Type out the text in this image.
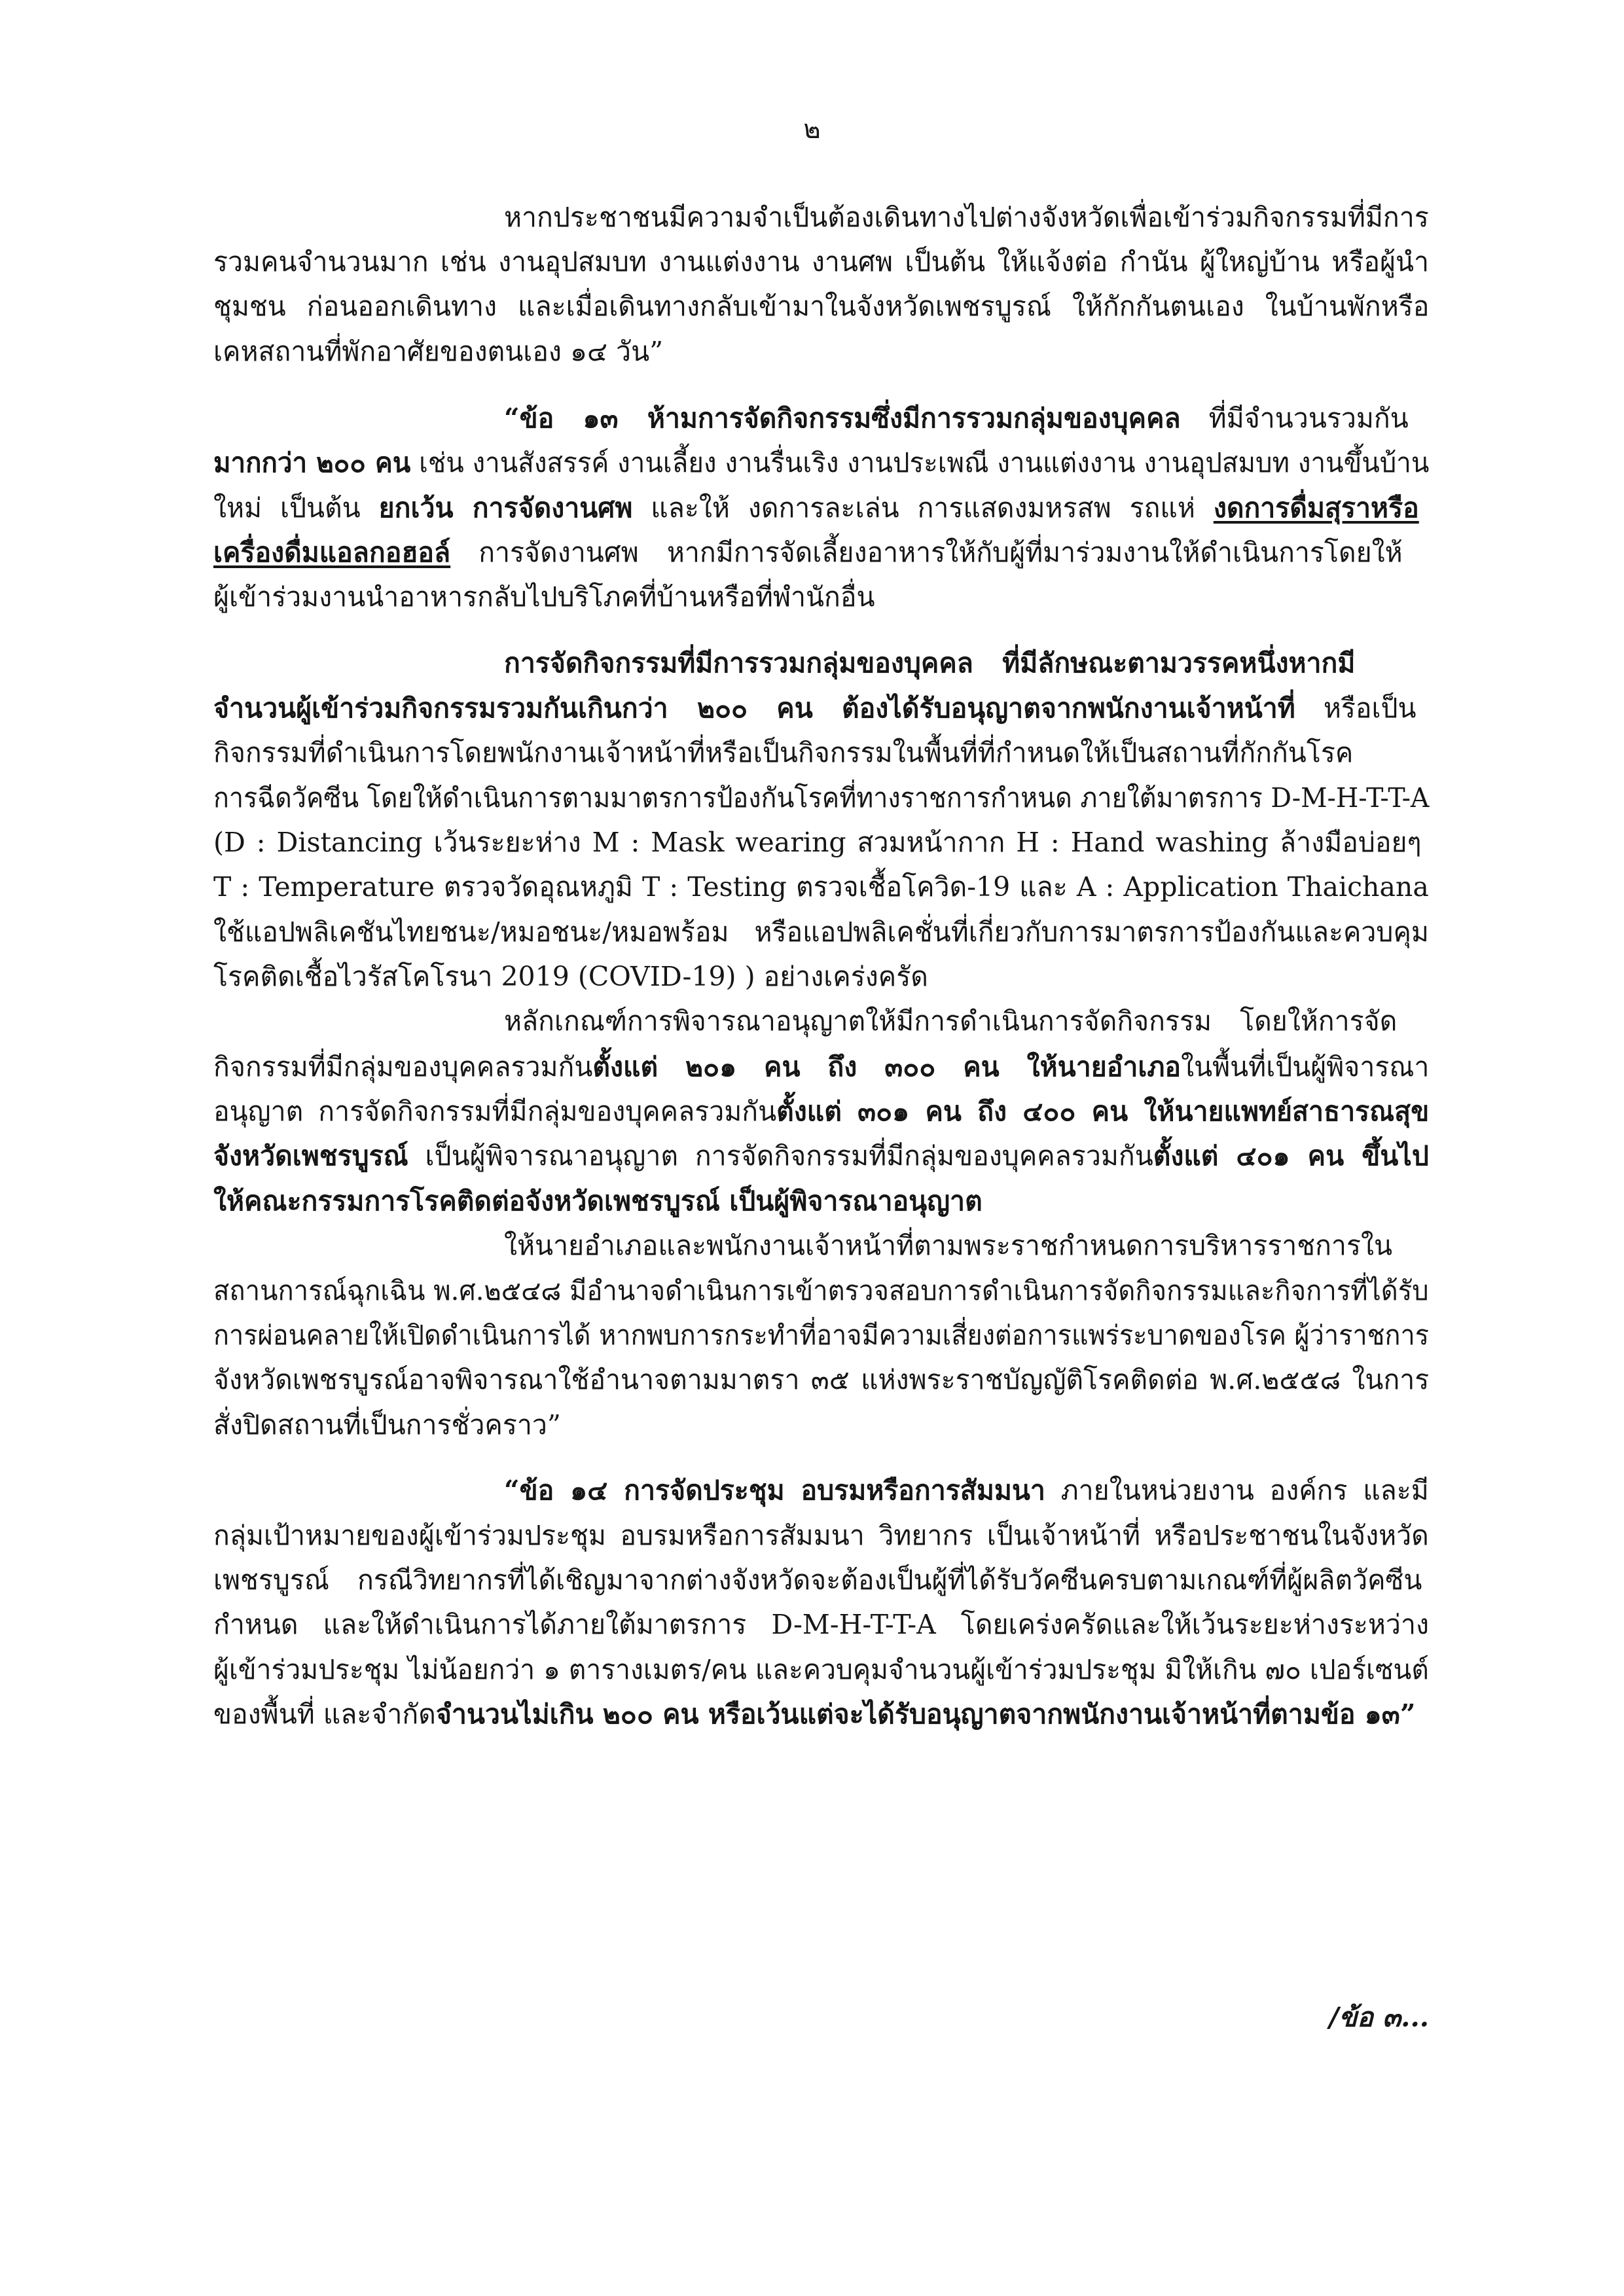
๒
หากประชาชนมีความจำเป็นต้องเดินทางไปต่างจังหวัดเพื่อเข้าร่วมกิจกรรมที่มีการ
รวมคนจำนวนมาก เช่น งานอุปสมบท งานแต่งงาน งานศพ เป็นต้น ให้แจ้งต่อ กำนัน ผู้ใหญ่บ้าน หรือผู้นำ
ชุมชน ก่อนออกเดินทาง และเมื่อเดินทางกลับเข้ามาในจังหวัดเพชรบูรณ์ ให้กักกันตนเอง ในบ้านพักหรือ
เคหสถานที่พักอาศัยของตนเอง ๑๔ วัน”
“ข้อ ๑๓ ห้ามการจัดกิจกรรมซึ่งมีการรวมกลุ่มของบุคคล ที่มีจำนวนรวมกัน
มากกว่า ๒๐๐ คน เช่น งานสังสรรค์ งานเลี้ยง งานรื่นเริง งานประเพณี งานแต่งงาน งานอุปสมบท งานขึ้นบ้าน
ใหม่ เป็นต้น ยกเว้น การจัดงานศพ และให้ งดการละเล่น การแสดงมหรสพ รถแห่ งดการดื่มสุราหรือ
เครื่องดื่มแอลกอฮอล์ การจัดงานศพ หากมีการจัดเลี้ยงอาหารให้กับผู้ที่มาร่วมงานให้ดำเนินการโดยให้
ผู้เข้าร่วมงานนำอาหารกลับไปบริโภคที่บ้านหรือที่พำนักอื่น
การจัดกิจกรรมที่มีการรวมกลุ่มของบุคคล ที่มีลักษณะตามวรรคหนึ่งหากมี
จำนวนผู้เข้าร่วมกิจกรรมรวมกันเกินกว่า ๒๐๐ คน ต้องได้รับอนุญาตจากพนักงานเจ้าหน้าที่ หรือเป็น
กิจกรรมที่ดำเนินการโดยพนักงานเจ้าหน้าที่หรือเป็นกิจกรรมในพื้นที่ที่กำหนดให้เป็นสถานที่กักกันโรค
การฉีดวัคซีน โดยให้ดำเนินการตามมาตรการป้องกันโรคที่ทางราชการกำหนด ภายใต้มาตรการ D-M-H-T-T-A
(D : Distancing เว้นระยะห่าง M : Mask wearing สวมหน้ากาก H : Hand washing ล้างมือบ่อยๆ
T : Temperature ตรวจวัดอุณหภูมิ T : Testing ตรวจเชื้อโควิด-19 และ A : Application Thaichana
ใช้แอปพลิเคชันไทยชนะ/หมอชนะ/หมอพร้อม หรือแอปพลิเคชั่นที่เกี่ยวกับการมาตรการป้องกันและควบคุม
โรคติดเชื้อไวรัสโคโรนา 2019 (COVID-19) ) อย่างเคร่งครัด
หลักเกณฑ์การพิจารณาอนุญาตให้มีการดำเนินการจัดกิจกรรม โดยให้การจัด
กิจกรรมที่มีกลุ่มของบุคคลรวมกันตั้งแต่ ๒๐๑ คน ถึง ๓๐๐ คน ให้นายอำเภอในพื้นที่เป็นผู้พิจารณา
อนุญาต การจัดกิจกรรมที่มีกลุ่มของบุคคลรวมกันตั้งแต่ ๓๐๑ คน ถึง ๔๐๐ คน ให้นายแพทย์สาธารณสุข
จังหวัดเพชรบูรณ์ เป็นผู้พิจารณาอนุญาต การจัดกิจกรรมที่มีกลุ่มของบุคคลรวมกันตั้งแต่ ๔๐๑ คน ขึ้นไป
ให้คณะกรรมการโรคติดต่อจังหวัดเพชรบูรณ์ เป็นผู้พิจารณาอนุญาต
ให้นายอำเภอและพนักงานเจ้าหน้าที่ตามพระราชกำหนดการบริหารราชการใน
สถานการณ์ฉุกเฉิน พ.ศ.๒๕๔๘ มีอำนาจดำเนินการเข้าตรวจสอบการดำเนินการจัดกิจกรรมและกิจการที่ได้รับ
การผ่อนคลายให้เปิดดำเนินการได้ หากพบการกระทำที่อาจมีความเสี่ยงต่อการแพร่ระบาดของโรค ผู้ว่าราชการ
จังหวัดเพชรบูรณ์อาจพิจารณาใช้อำนาจตามมาตรา ๓๕ แห่งพระราชบัญญัติโรคติดต่อ พ.ศ.๒๕๕๘ ในการ
สั่งปิดสถานที่เป็นการชั่วคราว”
“ข้อ ๑๔ การจัดประชุม อบรมหรือการสัมมนา ภายในหน่วยงาน องค์กร และมี
กลุ่มเป้าหมายของผู้เข้าร่วมประชุม อบรมหรือการสัมมนา วิทยากร เป็นเจ้าหน้าที่ หรือประชาชนในจังหวัด
เพชรบูรณ์ กรณีวิทยากรที่ได้เชิญมาจากต่างจังหวัดจะต้องเป็นผู้ที่ได้รับวัคซีนครบตามเกณฑ์ที่ผู้ผลิตวัคซีน
กำหนด และให้ดำเนินการได้ภายใต้มาตรการ D-M-H-T-T-A โดยเคร่งครัดและให้เว้นระยะห่างระหว่าง
ผู้เข้าร่วมประชุม ไม่น้อยกว่า ๑ ตารางเมตร/คน และควบคุมจำนวนผู้เข้าร่วมประชุม มิให้เกิน ๗๐ เปอร์เซนต์
ของพื้นที่ และจำกัดจำนวนไม่เกิน ๒๐๐ คน หรือเว้นแต่จะได้รับอนุญาตจากพนักงานเจ้าหน้าที่ตามข้อ ๑๓”
/ข้อ ๓...
